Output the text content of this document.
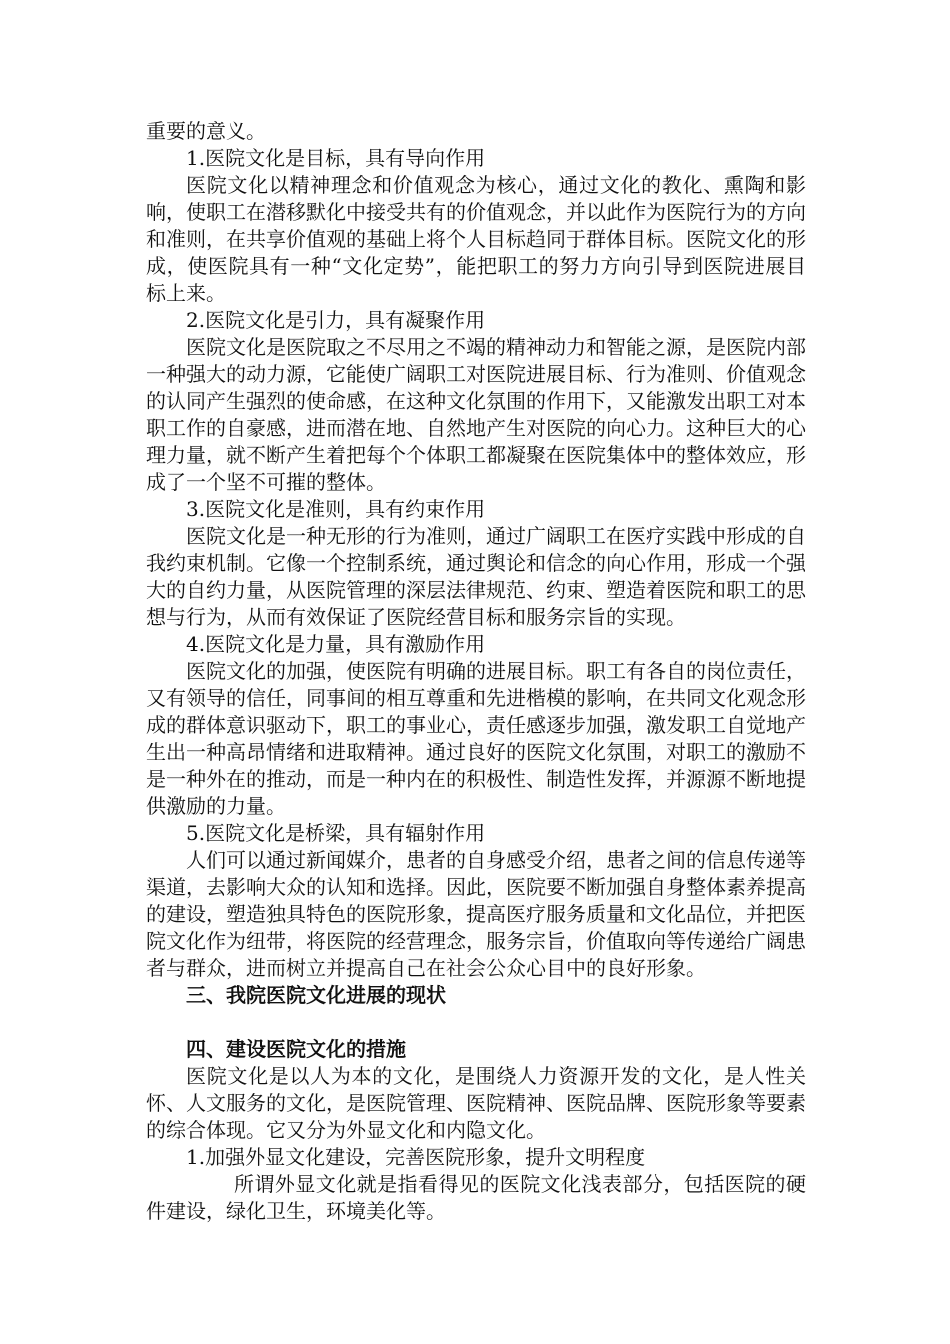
重要的意义。

1.医院文化是目标，具有导向作用

医院文化以精神理念和价值观念为核心，通过文化的教化、熏陶和影响，使职工在潜移默化中接受共有的价值观念，并以此作为医院行为的方向和准则，在共享价值观的基础上将个人目标趋同于群体目标。医院文化的形成，使医院具有一种“文化定势”，能把职工的努力方向引导到医院进展目标上来。

2.医院文化是引力，具有凝聚作用

医院文化是医院取之不尽用之不竭的精神动力和智能之源，是医院内部一种强大的动力源，它能使广阔职工对医院进展目标、行为准则、价值观念的认同产生强烈的使命感，在这种文化氛围的作用下，又能激发出职工对本职工作的自豪感，进而潜在地、自然地产生对医院的向心力。这种巨大的心理力量，就不断产生着把每个个体职工都凝聚在医院集体中的整体效应，形成了一个坚不可摧的整体。

3.医院文化是准则，具有约束作用

医院文化是一种无形的行为准则，通过广阔职工在医疗实践中形成的自我约束机制。它像一个控制系统，通过舆论和信念的向心作用，形成一个强大的自约力量，从医院管理的深层法律规范、约束、塑造着医院和职工的思想与行为，从而有效保证了医院经营目标和服务宗旨的实现。

4.医院文化是力量，具有激励作用

医院文化的加强，使医院有明确的进展目标。职工有各自的岗位责任，又有领导的信任，同事间的相互尊重和先进楷模的影响，在共同文化观念形成的群体意识驱动下，职工的事业心，责任感逐步加强，激发职工自觉地产生出一种高昂情绪和进取精神。通过良好的医院文化氛围，对职工的激励不是一种外在的推动，而是一种内在的积极性、制造性发挥，并源源不断地提供激励的力量。

5.医院文化是桥梁，具有辐射作用

人们可以通过新闻媒介，患者的自身感受介绍，患者之间的信息传递等渠道，去影响大众的认知和选择。因此，医院要不断加强自身整体素养提高的建设，塑造独具特色的医院形象，提高医疗服务质量和文化品位，并把医院文化作为纽带，将医院的经营理念，服务宗旨，价值取向等传递给广阔患者与群众，进而树立并提高自己在社会公众心目中的良好形象。

三、我院医院文化进展的现状

四、建设医院文化的措施

医院文化是以人为本的文化，是围绕人力资源开发的文化，是人性关怀、人文服务的文化，是医院管理、医院精神、医院品牌、医院形象等要素的综合体现。它又分为外显文化和内隐文化。

1.加强外显文化建设，完善医院形象，提升文明程度

所谓外显文化就是指看得见的医院文化浅表部分，包括医院的硬件建设，绿化卫生，环境美化等。
